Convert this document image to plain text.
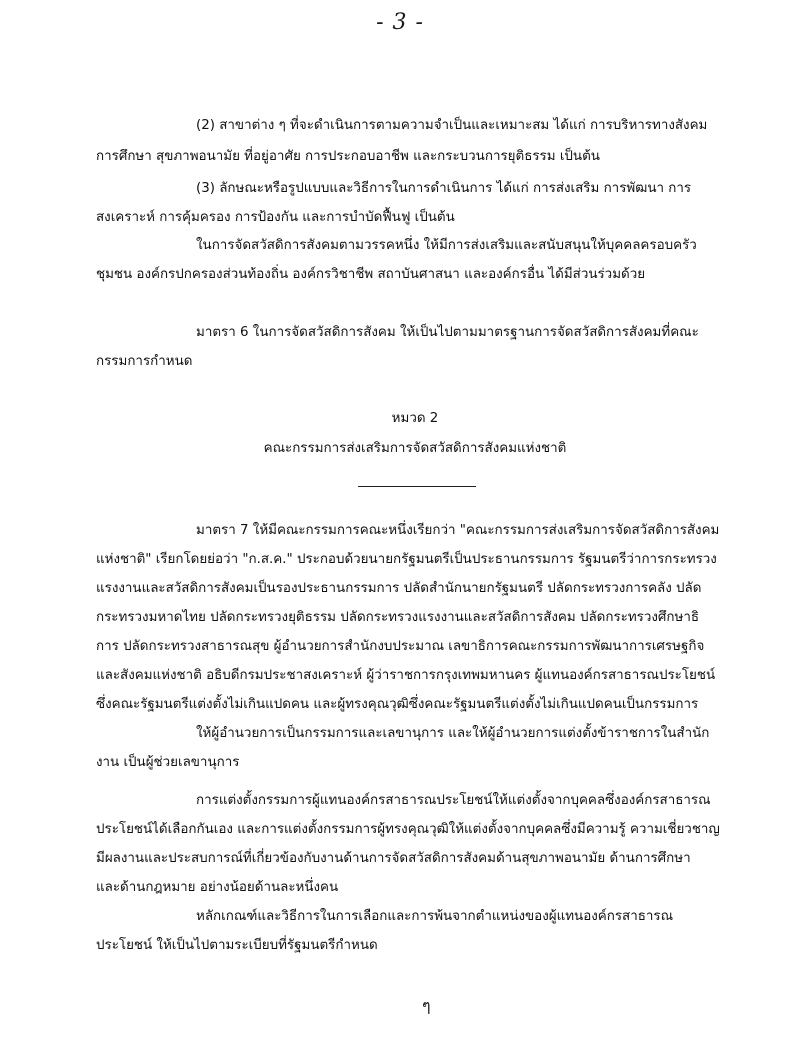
- 3 -
(2) สาขาต่าง ๆ ที่จะดำเนินการตามความจำเป็นและเหมาะสม ได้แก่ การบริหารทางสังคม
การศึกษา สุขภาพอนามัย ที่อยู่อาศัย การประกอบอาชีพ และกระบวนการยุติธรรม เป็นต้น
(3) ลักษณะหรือรูปแบบและวิธีการในการดำเนินการ ได้แก่ การส่งเสริม การพัฒนา การ
สงเคราะห์ การคุ้มครอง การป้องกัน และการบำบัดฟื้นฟู เป็นต้น
ในการจัดสวัสดิการสังคมตามวรรคหนึ่ง ให้มีการส่งเสริมและสนับสนุนให้บุคคลครอบครัว
ชุมชน องค์กรปกครองส่วนท้องถิ่น องค์กรวิชาชีพ สถาบันศาสนา และองค์กรอื่น ได้มีส่วนร่วมด้วย
มาตรา 6 ในการจัดสวัสดิการสังคม ให้เป็นไปตามมาตรฐานการจัดสวัสดิการสังคมที่คณะ
กรรมการกำหนด
หมวด 2
คณะกรรมการส่งเสริมการจัดสวัสดิการสังคมแห่งชาติ
มาตรา 7 ให้มีคณะกรรมการคณะหนึ่งเรียกว่า "คณะกรรมการส่งเสริมการจัดสวัสดิการสังคม
แห่งชาติ" เรียกโดยย่อว่า "ก.ส.ค." ประกอบด้วยนายกรัฐมนตรีเป็นประธานกรรมการ รัฐมนตรีว่าการกระทรวง
แรงงานและสวัสดิการสังคมเป็นรองประธานกรรมการ ปลัดสำนักนายกรัฐมนตรี ปลัดกระทรวงการคลัง ปลัด
กระทรวงมหาดไทย ปลัดกระทรวงยุติธรรม ปลัดกระทรวงแรงงานและสวัสดิการสังคม ปลัดกระทรวงศึกษาธิ
การ ปลัดกระทรวงสาธารณสุข ผู้อำนวยการสำนักงบประมาณ เลขาธิการคณะกรรมการพัฒนาการเศรษฐกิจ
และสังคมแห่งชาติ อธิบดีกรมประชาสงเคราะห์ ผู้ว่าราชการกรุงเทพมหานคร ผู้แทนองค์กรสาธารณประโยชน์
ซึ่งคณะรัฐมนตรีแต่งตั้งไม่เกินแปดคน และผู้ทรงคุณวุฒิซึ่งคณะรัฐมนตรีแต่งตั้งไม่เกินแปดคนเป็นกรรมการ
ให้ผู้อำนวยการเป็นกรรมการและเลขานุการ และให้ผู้อำนวยการแต่งตั้งข้าราชการในสำนัก
งาน เป็นผู้ช่วยเลขานุการ
การแต่งตั้งกรรมการผู้แทนองค์กรสาธารณประโยชน์ให้แต่งตั้งจากบุคคลซึ่งองค์กรสาธารณ
ประโยชน์ได้เลือกกันเอง และการแต่งตั้งกรรมการผู้ทรงคุณวุฒิให้แต่งตั้งจากบุคคลซึ่งมีความรู้ ความเชี่ยวชาญ
มีผลงานและประสบการณ์ที่เกี่ยวข้องกับงานด้านการจัดสวัสดิการสังคมด้านสุขภาพอนามัย ด้านการศึกษา
และด้านกฎหมาย อย่างน้อยด้านละหนึ่งคน
หลักเกณฑ์และวิธีการในการเลือกและการพ้นจากตำแหน่งของผู้แทนองค์กรสาธารณ
ประโยชน์ ให้เป็นไปตามระเบียบที่รัฐมนตรีกำหนด
ๆ
